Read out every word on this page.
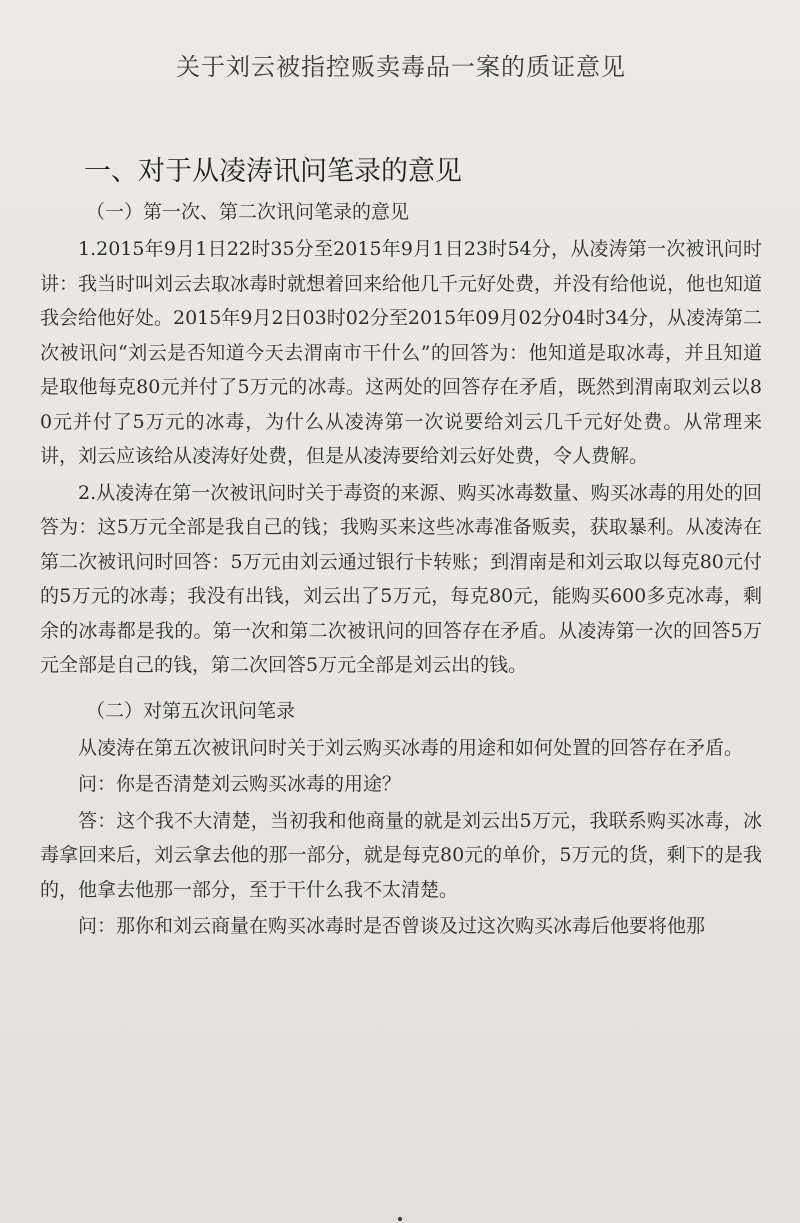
关于刘云被指控贩卖毒品一案的质证意见
一、对于从凌涛讯问笔录的意见
（一）第一次、第二次讯问笔录的意见

1.2015年9月1日22时35分至2015年9月1日23时54分，从凌涛第一次被讯问时讲：我当时叫刘云去取冰毒时就想着回来给他几千元好处费，并没有给他说，他也知道我会给他好处。2015年9月2日03时02分至2015年09月02分04时34分，从凌涛第二次被讯问“刘云是否知道今天去渭南市干什么”的回答为：他知道是取冰毒，并且知道是取他每克80元并付了5万元的冰毒。这两处的回答存在矛盾，既然到渭南取刘云以80元并付了5万元的冰毒，为什么从凌涛第一次说要给刘云几千元好处费。从常理来讲，刘云应该给从凌涛好处费，但是从凌涛要给刘云好处费，令人费解。

2.从凌涛在第一次被讯问时关于毒资的来源、购买冰毒数量、购买冰毒的用处的回答为：这5万元全部是我自己的钱；我购买来这些冰毒准备贩卖，获取暴利。从凌涛在第二次被讯问时回答：5万元由刘云通过银行卡转账；到渭南是和刘云取以每克80元付的5万元的冰毒；我没有出钱，刘云出了5万元，每克80元，能购买600多克冰毒，剩余的冰毒都是我的。第一次和第二次被讯问的回答存在矛盾。从凌涛第一次的回答5万元全部是自己的钱，第二次回答5万元全部是刘云出的钱。

（二）对第五次讯问笔录

从凌涛在第五次被讯问时关于刘云购买冰毒的用途和如何处置的回答存在矛盾。

问：你是否清楚刘云购买冰毒的用途？

答：这个我不大清楚，当初我和他商量的就是刘云出5万元，我联系购买冰毒，冰毒拿回来后，刘云拿去他的那一部分，就是每克80元的单价，5万元的货，剩下的是我的，他拿去他那一部分，至于干什么我不太清楚。

问：那你和刘云商量在购买冰毒时是否曾谈及过这次购买冰毒后他要将他那
